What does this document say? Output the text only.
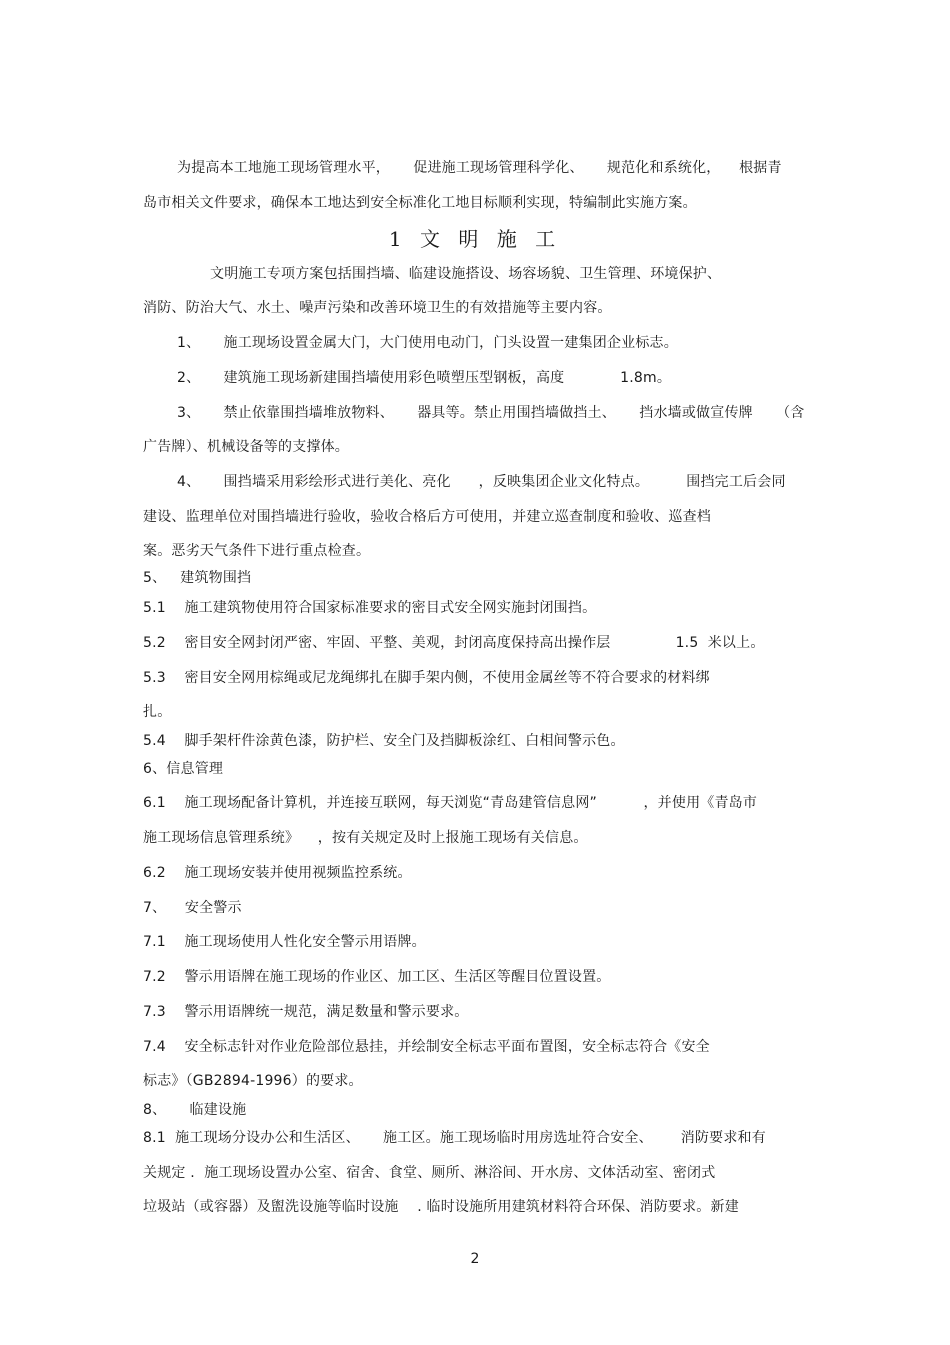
为提高本工地施工现场管理水平，     促进施工现场管理科学化、     规范化和系统化，    根据青
岛市相关文件要求，确保本工地达到安全标准化工地目标顺利实现，特编制此实施方案。
1 文 明 施 工
文明施工专项方案包括围挡墙、临建设施搭设、场容场貌、卫生管理、环境保护、
消防、防治大气、水土、噪声污染和改善环境卫生的有效措施等主要内容。
1、     施工现场设置金属大门，大门使用电动门，门头设置一建集团企业标志。
2、     建筑施工现场新建围挡墙使用彩色喷塑压型钢板，高度            1.8m。
3、     禁止依靠围挡墙堆放物料、     器具等。禁止用围挡墙做挡土、     挡水墙或做宣传牌     （含
广告牌）、机械设备等的支撑体。
4、     围挡墙采用彩绘形式进行美化、亮化      ，反映集团企业文化特点。        围挡完工后会同
建设、监理单位对围挡墙进行验收，验收合格后方可使用，并建立巡查制度和验收、巡查档
案。恶劣天气条件下进行重点检查。
5、   建筑物围挡
5.1    施工建筑物使用符合国家标准要求的密目式安全网实施封闭围挡。
5.2    密目安全网封闭严密、牢固、平整、美观，封闭高度保持高出操作层              1.5  米以上。
5.3    密目安全网用棕绳或尼龙绳绑扎在脚手架内侧，不使用金属丝等不符合要求的材料绑
扎。
5.4    脚手架杆件涂黄色漆，防护栏、安全门及挡脚板涂红、白相间警示色。
6、信息管理
6.1    施工现场配备计算机，并连接互联网，每天浏览“青岛建管信息网”          ，并使用《青岛市
施工现场信息管理系统》    ，按有关规定及时上报施工现场有关信息。
6.2    施工现场安装并使用视频监控系统。
7、    安全警示
7.1    施工现场使用人性化安全警示用语牌。
7.2    警示用语牌在施工现场的作业区、加工区、生活区等醒目位置设置。
7.3    警示用语牌统一规范，满足数量和警示要求。
7.4    安全标志针对作业危险部位悬挂，并绘制安全标志平面布置图，安全标志符合《安全
标志》（GB2894-1996）的要求。
8、     临建设施
8.1  施工现场分设办公和生活区、     施工区。施工现场临时用房选址符合安全、      消防要求和有
关规定 .  施工现场设置办公室、宿舍、食堂、厕所、淋浴间、开水房、文体活动室、密闭式
垃圾站（或容器）及盥洗设施等临时设施    . 临时设施所用建筑材料符合环保、消防要求。新建
2
